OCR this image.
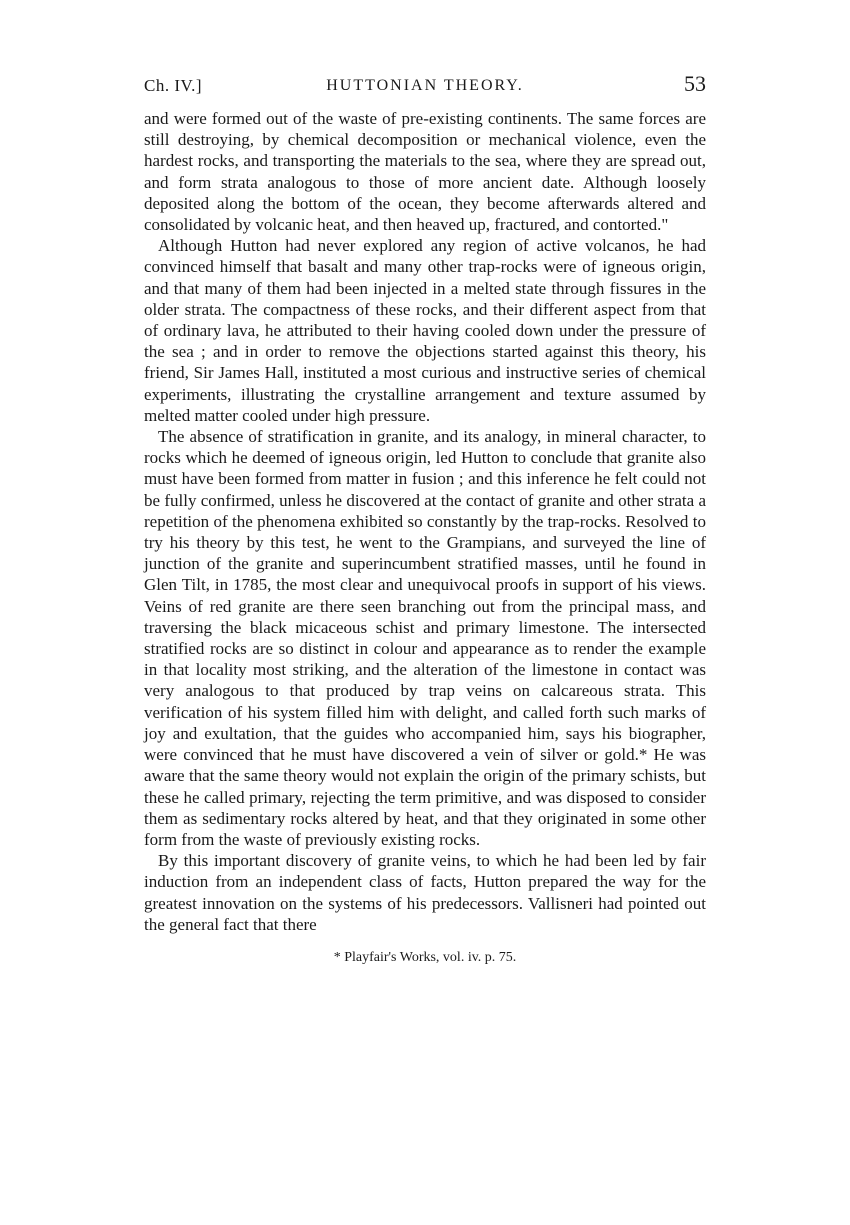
Ch. IV.]	HUTTONIAN THEORY.	53

and were formed out of the waste of pre-existing continents. The same forces are still destroying, by chemical decomposition or mechanical violence, even the hardest rocks, and transporting the materials to the sea, where they are spread out, and form strata analogous to those of more ancient date. Although loosely deposited along the bottom of the ocean, they become afterwards altered and consolidated by volcanic heat, and then heaved up, fractured, and contorted."

Although Hutton had never explored any region of active volcanos, he had convinced himself that basalt and many other trap-rocks were of igneous origin, and that many of them had been injected in a melted state through fissures in the older strata. The compactness of these rocks, and their different aspect from that of ordinary lava, he attributed to their having cooled down under the pressure of the sea ; and in order to remove the objections started against this theory, his friend, Sir James Hall, instituted a most curious and instructive series of chemical experiments, illustrating the crystalline arrangement and texture assumed by melted matter cooled under high pressure.

The absence of stratification in granite, and its analogy, in mineral character, to rocks which he deemed of igneous origin, led Hutton to conclude that granite also must have been formed from matter in fusion ; and this inference he felt could not be fully confirmed, unless he discovered at the contact of granite and other strata a repetition of the phenomena exhibited so constantly by the trap-rocks. Resolved to try his theory by this test, he went to the Grampians, and surveyed the line of junction of the granite and superincumbent stratified masses, until he found in Glen Tilt, in 1785, the most clear and unequivocal proofs in support of his views. Veins of red granite are there seen branching out from the principal mass, and traversing the black micaceous schist and primary limestone. The intersected stratified rocks are so distinct in colour and appearance as to render the example in that locality most striking, and the alteration of the limestone in contact was very analogous to that produced by trap veins on calcareous strata. This verification of his system filled him with delight, and called forth such marks of joy and exultation, that the guides who accompanied him, says his biographer, were convinced that he must have discovered a vein of silver or gold.* He was aware that the same theory would not explain the origin of the primary schists, but these he called primary, rejecting the term primitive, and was disposed to consider them as sedimentary rocks altered by heat, and that they originated in some other form from the waste of previously existing rocks.

By this important discovery of granite veins, to which he had been led by fair induction from an independent class of facts, Hutton prepared the way for the greatest innovation on the systems of his predecessors. Vallisneri had pointed out the general fact that there

* Playfair's Works, vol. iv. p. 75.
